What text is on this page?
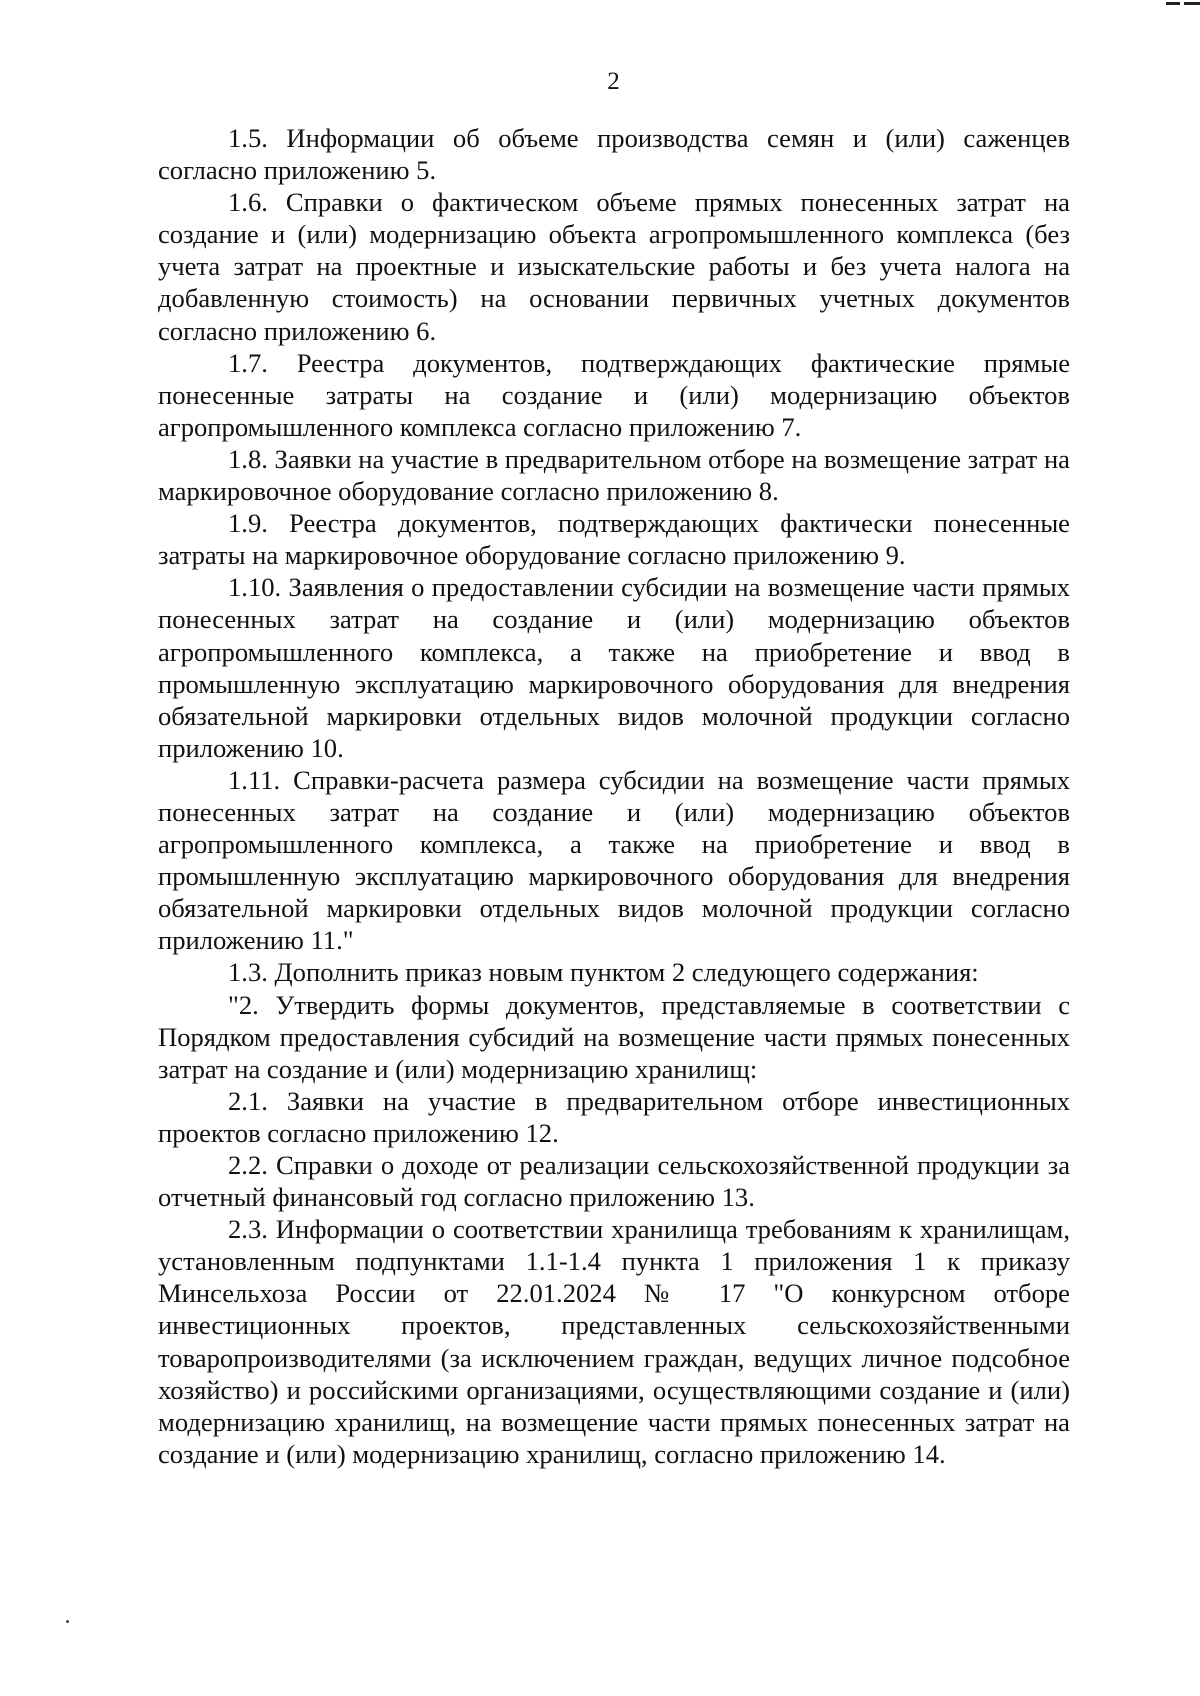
2

1.5. Информации об объеме производства семян и (или) саженцев согласно приложению 5.

1.6. Справки о фактическом объеме прямых понесенных затрат на создание и (или) модернизацию объекта агропромышленного комплекса (без учета затрат на проектные и изыскательские работы и без учета налога на добавленную стоимость) на основании первичных учетных документов согласно приложению 6.

1.7. Реестра документов, подтверждающих фактические прямые понесенные затраты на создание и (или) модернизацию объектов агропромышленного комплекса согласно приложению 7.

1.8. Заявки на участие в предварительном отборе на возмещение затрат на маркировочное оборудование согласно приложению 8.

1.9. Реестра документов, подтверждающих фактически понесенные затраты на маркировочное оборудование согласно приложению 9.

1.10. Заявления о предоставлении субсидии на возмещение части прямых понесенных затрат на создание и (или) модернизацию объектов агропромышленного комплекса, а также на приобретение и ввод в промышленную эксплуатацию маркировочного оборудования для внедрения обязательной маркировки отдельных видов молочной продукции согласно приложению 10.

1.11. Справки-расчета размера субсидии на возмещение части прямых понесенных затрат на создание и (или) модернизацию объектов агропромышленного комплекса, а также на приобретение и ввод в промышленную эксплуатацию маркировочного оборудования для внедрения обязательной маркировки отдельных видов молочной продукции согласно приложению 11."

1.3. Дополнить приказ новым пунктом 2 следующего содержания:

"2. Утвердить формы документов, представляемые в соответствии с Порядком предоставления субсидий на возмещение части прямых понесенных затрат на создание и (или) модернизацию хранилищ:

2.1. Заявки на участие в предварительном отборе инвестиционных проектов согласно приложению 12.

2.2. Справки о доходе от реализации сельскохозяйственной продукции за отчетный финансовый год согласно приложению 13.

2.3. Информации о соответствии хранилища требованиям к хранилищам, установленным подпунктами 1.1-1.4 пункта 1 приложения 1 к приказу Минсельхоза России от 22.01.2024 № 17 "О конкурсном отборе инвестиционных проектов, представленных сельскохозяйственными товаропроизводителями (за исключением граждан, ведущих личное подсобное хозяйство) и российскими организациями, осуществляющими создание и (или) модернизацию хранилищ, на возмещение части прямых понесенных затрат на создание и (или) модернизацию хранилищ, согласно приложению 14.
